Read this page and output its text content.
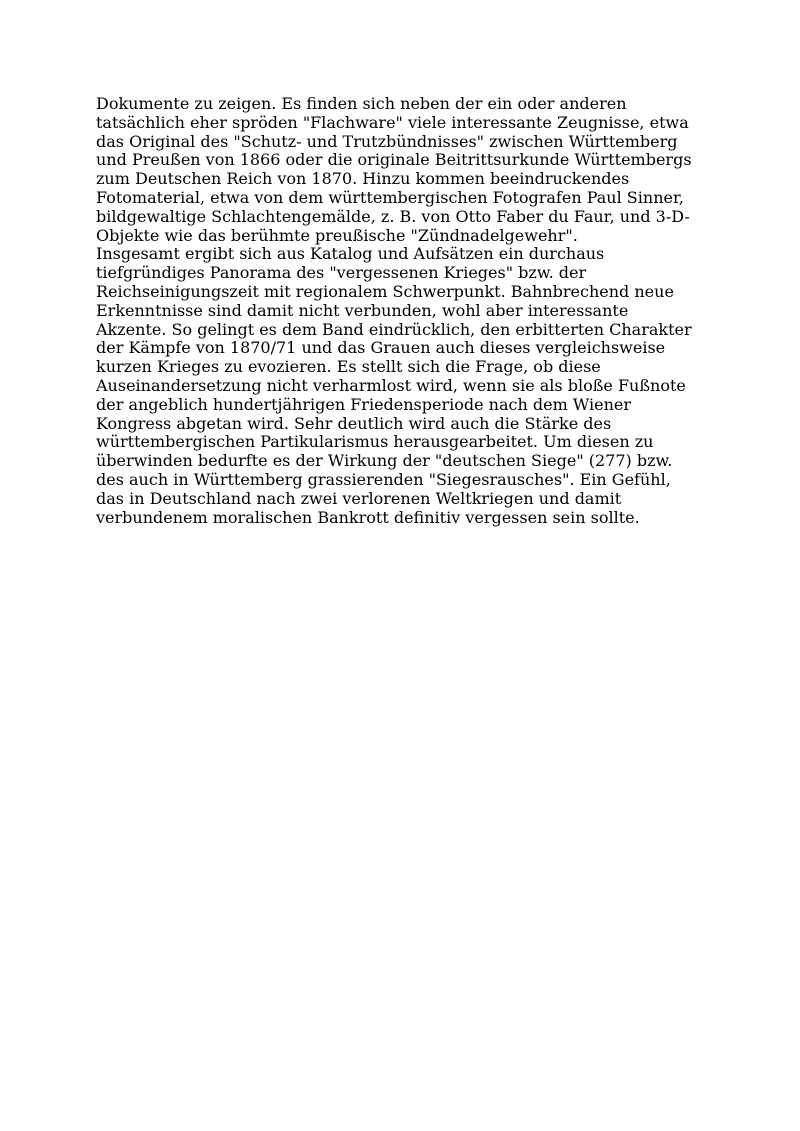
Dokumente zu zeigen. Es finden sich neben der ein oder anderen
tatsächlich eher spröden "Flachware" viele interessante Zeugnisse, etwa
das Original des "Schutz- und Trutzbündnisses" zwischen Württemberg
und Preußen von 1866 oder die originale Beitrittsurkunde Württembergs
zum Deutschen Reich von 1870. Hinzu kommen beeindruckendes
Fotomaterial, etwa von dem württembergischen Fotografen Paul Sinner,
bildgewaltige Schlachtengemälde, z. B. von Otto Faber du Faur, und 3-D-
Objekte wie das berühmte preußische "Zündnadelgewehr".
Insgesamt ergibt sich aus Katalog und Aufsätzen ein durchaus
tiefgründiges Panorama des "vergessenen Krieges" bzw. der
Reichseinigungszeit mit regionalem Schwerpunkt. Bahnbrechend neue
Erkenntnisse sind damit nicht verbunden, wohl aber interessante
Akzente. So gelingt es dem Band eindrücklich, den erbitterten Charakter
der Kämpfe von 1870/71 und das Grauen auch dieses vergleichsweise
kurzen Krieges zu evozieren. Es stellt sich die Frage, ob diese
Auseinandersetzung nicht verharmlost wird, wenn sie als bloße Fußnote
der angeblich hundertjährigen Friedensperiode nach dem Wiener
Kongress abgetan wird. Sehr deutlich wird auch die Stärke des
württembergischen Partikularismus herausgearbeitet. Um diesen zu
überwinden bedurfte es der Wirkung der "deutschen Siege" (277) bzw.
des auch in Württemberg grassierenden "Siegesrausches". Ein Gefühl,
das in Deutschland nach zwei verlorenen Weltkriegen und damit
verbundenem moralischen Bankrott definitiv vergessen sein sollte.
